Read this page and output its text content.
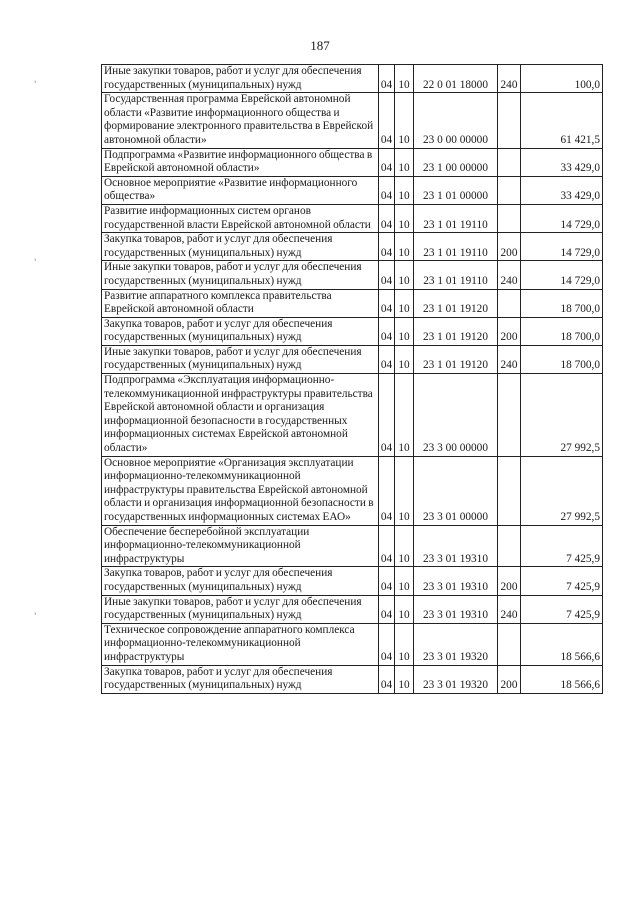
187
Иные закупки товаров, работ и услуг для обеспечения государственных (муниципальных) нужд	04	10	22 0 01 18000	240	100,0
Государственная программа Еврейской автономной области «Развитие информационного общества и формирование электронного правительства в Еврейской автономной области»	04	10	23 0 00 00000		61 421,5
Подпрограмма «Развитие информационного общества в Еврейской автономной области»	04	10	23 1 00 00000		33 429,0
Основное мероприятие «Развитие информационного общества»	04	10	23 1 01 00000		33 429,0
Развитие информационных систем органов государственной власти Еврейской автономной области	04	10	23 1 01 19110		14 729,0
Закупка товаров, работ и услуг для обеспечения государственных (муниципальных) нужд	04	10	23 1 01 19110	200	14 729,0
Иные закупки товаров, работ и услуг для обеспечения государственных (муниципальных) нужд	04	10	23 1 01 19110	240	14 729,0
Развитие аппаратного комплекса правительства Еврейской автономной области	04	10	23 1 01 19120		18 700,0
Закупка товаров, работ и услуг для обеспечения государственных (муниципальных) нужд	04	10	23 1 01 19120	200	18 700,0
Иные закупки товаров, работ и услуг для обеспечения государственных (муниципальных) нужд	04	10	23 1 01 19120	240	18 700,0
Подпрограмма «Эксплуатация информационно-телекоммуникационной инфраструктуры правительства Еврейской автономной области и организация информационной безопасности в государственных информационных системах Еврейской автономной области»	04	10	23 3 00 00000		27 992,5
Основное мероприятие «Организация эксплуатации информационно-телекоммуникационной инфраструктуры правительства Еврейской автономной области и организация информационной безопасности в государственных информационных системах ЕАО»	04	10	23 3 01 00000		27 992,5
Обеспечение бесперебойной эксплуатации информационно-телекоммуникационной инфраструктуры	04	10	23 3 01 19310		7 425,9
Закупка товаров, работ и услуг для обеспечения государственных (муниципальных) нужд	04	10	23 3 01 19310	200	7 425,9
Иные закупки товаров, работ и услуг для обеспечения государственных (муниципальных) нужд	04	10	23 3 01 19310	240	7 425,9
Техническое сопровождение аппаратного комплекса информационно-телекоммуникационной инфраструктуры	04	10	23 3 01 19320		18 566,6
Закупка товаров, работ и услуг для обеспечения государственных (муниципальных) нужд	04	10	23 3 01 19320	200	18 566,6
'
'
'
